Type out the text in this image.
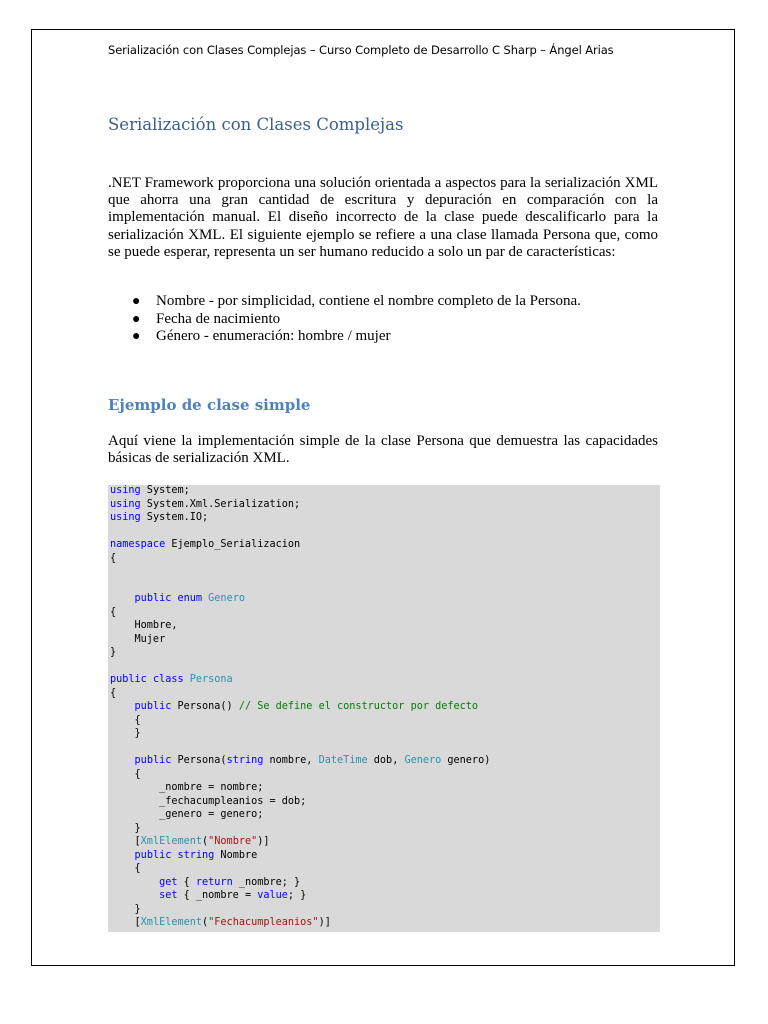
Serialización con Clases Complejas – Curso Completo de Desarrollo C Sharp – Ángel Arias
Serialización con Clases Complejas
.NET Framework proporciona una solución orientada a aspectos para la serialización XML que ahorra una gran cantidad de escritura y depuración en comparación con la implementación manual. El diseño incorrecto de la clase puede descalificarlo para la serialización XML. El siguiente ejemplo se refiere a una clase llamada Persona que, como se puede esperar, representa un ser humano reducido a solo un par de características:
● Nombre - por simplicidad, contiene el nombre completo de la Persona.
● Fecha de nacimiento
● Género - enumeración: hombre / mujer
Ejemplo de clase simple
Aquí viene la implementación simple de la clase Persona que demuestra las capacidades básicas de serialización XML.
using System;
using System.Xml.Serialization;
using System.IO;
namespace Ejemplo_Serializacion
{
public enum Genero
{
Hombre,
Mujer
}
public class Persona
{
public Persona() // Se define el constructor por defecto
{
}
public Persona(string nombre, DateTime dob, Genero genero)
{
_nombre = nombre;
_fechacumpleanios = dob;
_genero = genero;
}
[XmlElement("Nombre")]
public string Nombre
{
get { return _nombre; }
set { _nombre = value; }
}
[XmlElement("Fechacumpleanios")]
